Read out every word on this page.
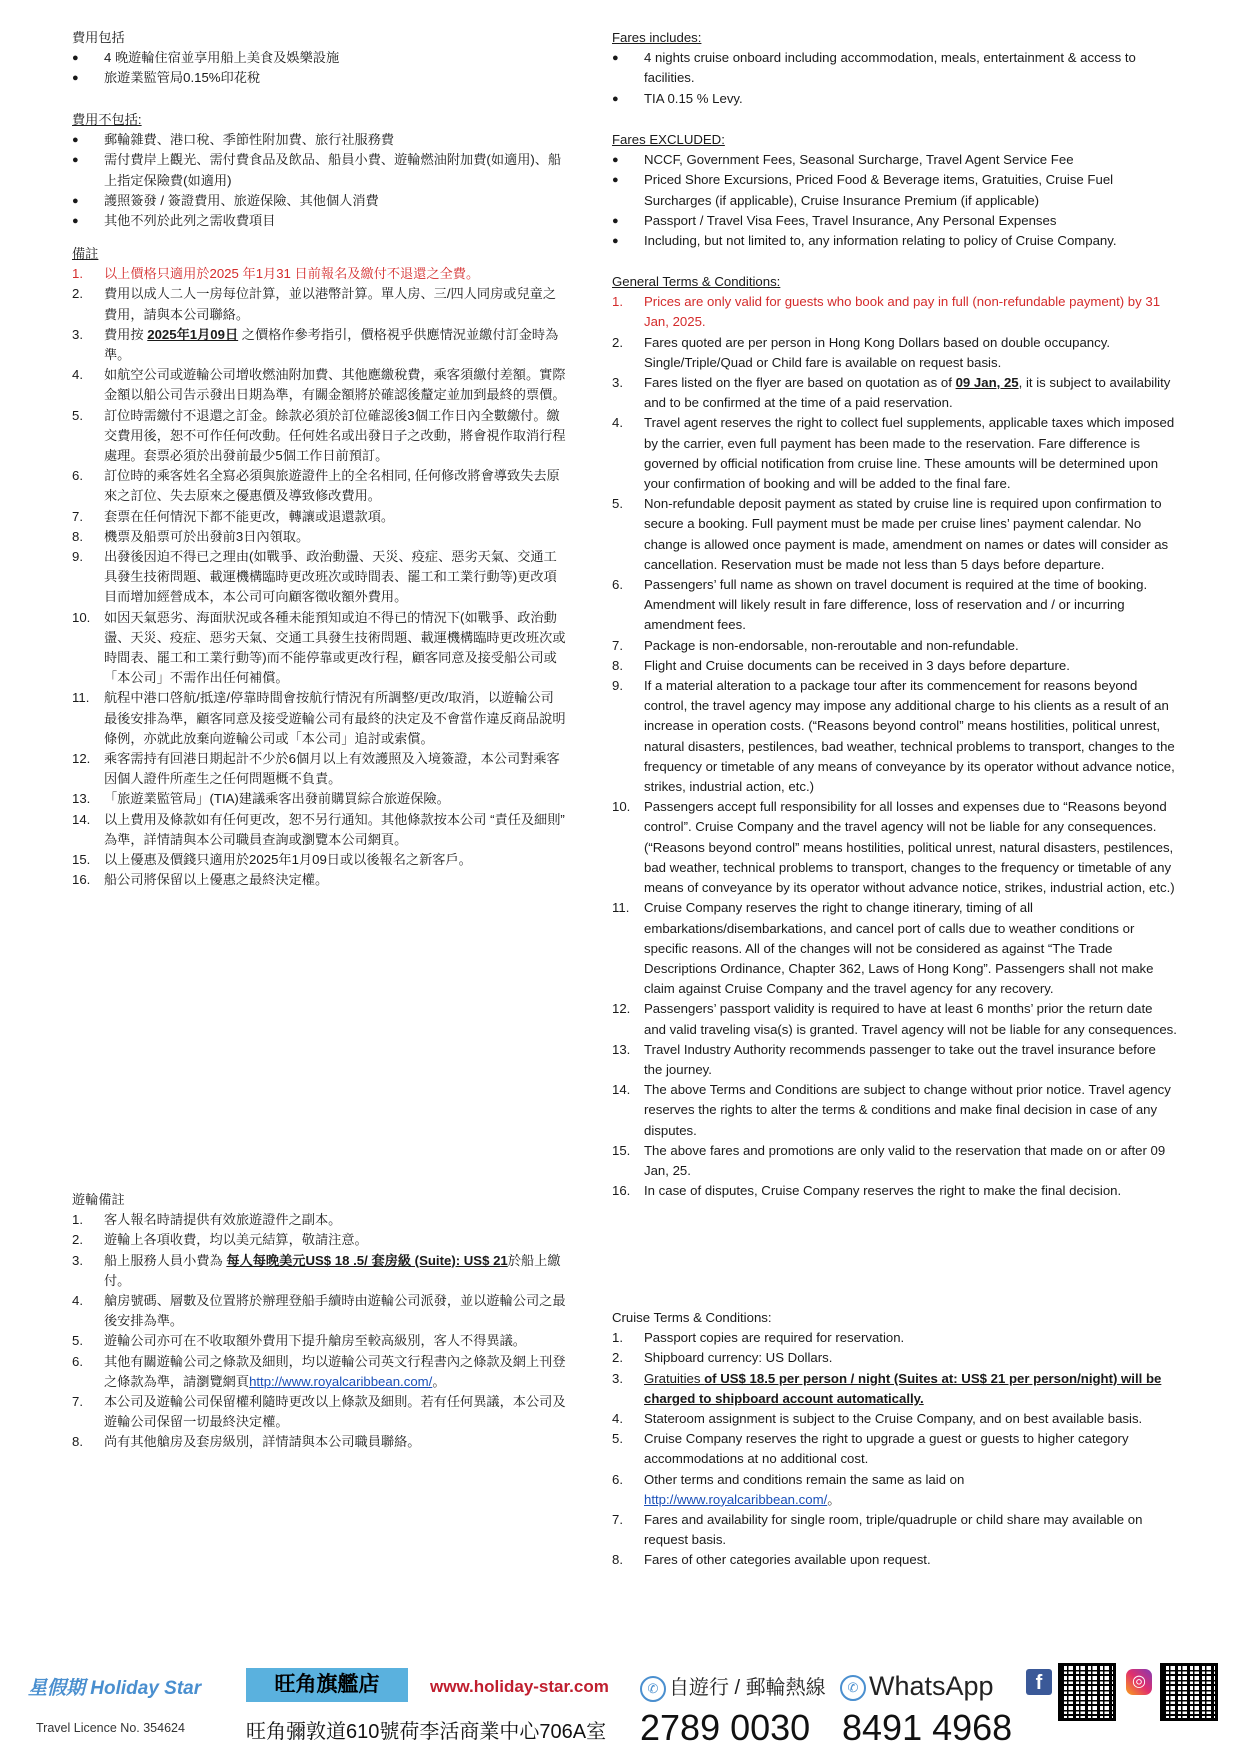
費用包括

● 4 晚遊輪住宿並享用船上美食及娛樂設施
● 旅遊業監管局0.15%印花稅

費用不包括:

● 郵輪雜費、港口稅、季節性附加費、旅行社服務費
● 需付費岸上觀光、需付費食品及飲品、船員小費、遊輪燃油附加費(如適用)、船上指定保險費(如適用)
● 護照簽發 / 簽證費用、旅遊保險、其他個人消費
● 其他不列於此列之需收費項目

備註

1. 以上價格只適用於2025 年1月31 日前報名及繳付不退還之全費。
2. 費用以成人二人一房每位計算，並以港幣計算。單人房、三/四人同房或兒童之費用，請與本公司聯絡。
3. 費用按 2025年1月09日 之價格作參考指引，價格視乎供應情況並繳付訂金時為準。
4. 如航空公司或遊輪公司增收燃油附加費、其他應繳稅費，乘客須繳付差額。實際金額以船公司告示發出日期為準，有關金額將於確認後釐定並加到最終的票價。
5. 訂位時需繳付不退還之訂金。餘款必須於訂位確認後3個工作日內全數繳付。繳交費用後，恕不可作任何改動。任何姓名或出發日子之改動，將會視作取消行程處理。套票必須於出發前最少5個工作日前預訂。
6. 訂位時的乘客姓名全寫必須與旅遊證件上的全名相同, 任何修改將會導致失去原來之訂位、失去原來之優惠價及導致修改費用。
7. 套票在任何情況下都不能更改，轉讓或退還款項。
8. 機票及船票可於出發前3日內領取。
9. 出發後因迫不得已之理由(如戰爭、政治動盪、天災、疫症、惡劣天氣、交通工具發生技術問題、載運機構臨時更改班次或時間表、罷工和工業行動等)更改項目而增加經營成本，本公司可向顧客徵收額外費用。
10. 如因天氣惡劣、海面狀況或各種未能預知或迫不得已的情況下(如戰爭、政治動盪、天災、疫症、惡劣天氣、交通工具發生技術問題、載運機構臨時更改班次或時間表、罷工和工業行動等)而不能停靠或更改行程，顧客同意及接受船公司或「本公司」不需作出任何補償。
11. 航程中港口啓航/抵達/停靠時間會按航行情況有所調整/更改/取消，以遊輪公司最後安排為準，顧客同意及接受遊輪公司有最終的決定及不會當作違反商品說明條例，亦就此放棄向遊輪公司或「本公司」追討或索償。
12. 乘客需持有回港日期起計不少於6個月以上有效護照及入境簽證，本公司對乘客因個人證件所產生之任何問題概不負責。
13. 「旅遊業監管局」(TIA)建議乘客出發前購買綜合旅遊保險。
14. 以上費用及條款如有任何更改，恕不另行通知。其他條款按本公司 “責任及細則” 為準，詳情請與本公司職員查詢或瀏覽本公司網頁。
15. 以上優惠及價錢只適用於2025年1月09日或以後報名之新客戶。
16. 船公司將保留以上優惠之最終決定權。

遊輪備註

1. 客人報名時請提供有效旅遊證件之副本。
2. 遊輪上各項收費，均以美元結算，敬請注意。
3. 船上服務人員小費為 每人每晚美元US$ 18 .5/ 套房級 (Suite): US$ 21於船上繳付。
4. 艙房號碼、層數及位置將於辦理登船手續時由遊輪公司派發，並以遊輪公司之最後安排為準。
5. 遊輪公司亦可在不收取額外費用下提升艙房至較高級別，客人不得異議。
6. 其他有關遊輪公司之條款及細則，均以遊輪公司英文行程書內之條款及網上刊登之條款為準，請瀏覽網頁http://www.royalcaribbean.com/。
7. 本公司及遊輪公司保留權利隨時更改以上條款及細則。若有任何異議，本公司及遊輪公司保留一切最終決定權。
8. 尚有其他艙房及套房級別，詳情請與本公司職員聯絡。

Fares includes:

● 4 nights cruise onboard including accommodation, meals, entertainment & access to facilities.
● TIA 0.15 % Levy.

Fares EXCLUDED:

● NCCF, Government Fees, Seasonal Surcharge, Travel Agent Service Fee
● Priced Shore Excursions, Priced Food & Beverage items, Gratuities, Cruise Fuel Surcharges (if applicable), Cruise Insurance Premium (if applicable)
● Passport / Travel Visa Fees, Travel Insurance, Any Personal Expenses
● Including, but not limited to, any information relating to policy of Cruise Company.

General Terms & Conditions:

1. Prices are only valid for guests who book and pay in full (non-refundable payment) by 31 Jan, 2025.
2. Fares quoted are per person in Hong Kong Dollars based on double occupancy. Single/Triple/Quad or Child fare is available on request basis.
3. Fares listed on the flyer are based on quotation as of 09 Jan, 25, it is subject to availability and to be confirmed at the time of a paid reservation.
4. Travel agent reserves the right to collect fuel supplements, applicable taxes which imposed by the carrier, even full payment has been made to the reservation. Fare difference is governed by official notification from cruise line. These amounts will be determined upon your confirmation of booking and will be added to the final fare.
5. Non-refundable deposit payment as stated by cruise line is required upon confirmation to secure a booking. Full payment must be made per cruise lines’ payment calendar. No change is allowed once payment is made, amendment on names or dates will consider as cancellation. Reservation must be made not less than 5 days before departure.
6. Passengers’ full name as shown on travel document is required at the time of booking. Amendment will likely result in fare difference, loss of reservation and / or incurring amendment fees.
7. Package is non-endorsable, non-reroutable and non-refundable.
8. Flight and Cruise documents can be received in 3 days before departure.
9. If a material alteration to a package tour after its commencement for reasons beyond control, the travel agency may impose any additional charge to his clients as a result of an increase in operation costs. (“Reasons beyond control” means hostilities, political unrest, natural disasters, pestilences, bad weather, technical problems to transport, changes to the frequency or timetable of any means of conveyance by its operator without advance notice, strikes, industrial action, etc.)
10. Passengers accept full responsibility for all losses and expenses due to “Reasons beyond control”. Cruise Company and the travel agency will not be liable for any consequences. (“Reasons beyond control” means hostilities, political unrest, natural disasters, pestilences, bad weather, technical problems to transport, changes to the frequency or timetable of any means of conveyance by its operator without advance notice, strikes, industrial action, etc.)
11. Cruise Company reserves the right to change itinerary, timing of all embarkations/disembarkations, and cancel port of calls due to weather conditions or specific reasons. All of the changes will not be considered as against “The Trade Descriptions Ordinance, Chapter 362, Laws of Hong Kong”. Passengers shall not make claim against Cruise Company and the travel agency for any recovery.
12. Passengers’ passport validity is required to have at least 6 months’ prior the return date and valid traveling visa(s) is granted. Travel agency will not be liable for any consequences.
13. Travel Industry Authority recommends passenger to take out the travel insurance before the journey.
14. The above Terms and Conditions are subject to change without prior notice. Travel agency reserves the rights to alter the terms & conditions and make final decision in case of any disputes.
15. The above fares and promotions are only valid to the reservation that made on or after 09 Jan, 25.
16. In case of disputes, Cruise Company reserves the right to make the final decision.

Cruise Terms & Conditions:

1. Passport copies are required for reservation.
2. Shipboard currency: US Dollars.
3. Gratuities of US$ 18.5 per person / night (Suites at: US$ 21 per person/night) will be charged to shipboard account automatically.
4. Stateroom assignment is subject to the Cruise Company, and on best available basis.
5. Cruise Company reserves the right to upgrade a guest or guests to higher category accommodations at no additional cost.
6. Other terms and conditions remain the same as laid on
http://www.royalcaribbean.com/。
7. Fares and availability for single room, triple/quadruple or child share may available on request basis.
8. Fares of other categories available upon request.
星假期 Holiday Star
Travel Licence No. 354624
旺角旗艦店
旺角彌敦道610號荷李活商業中心706A室
www.holiday-star.com	✆ 自遊行 / 郵輪熱線
2789 0030
✆ WhatsApp
8491 4968
f	◎
